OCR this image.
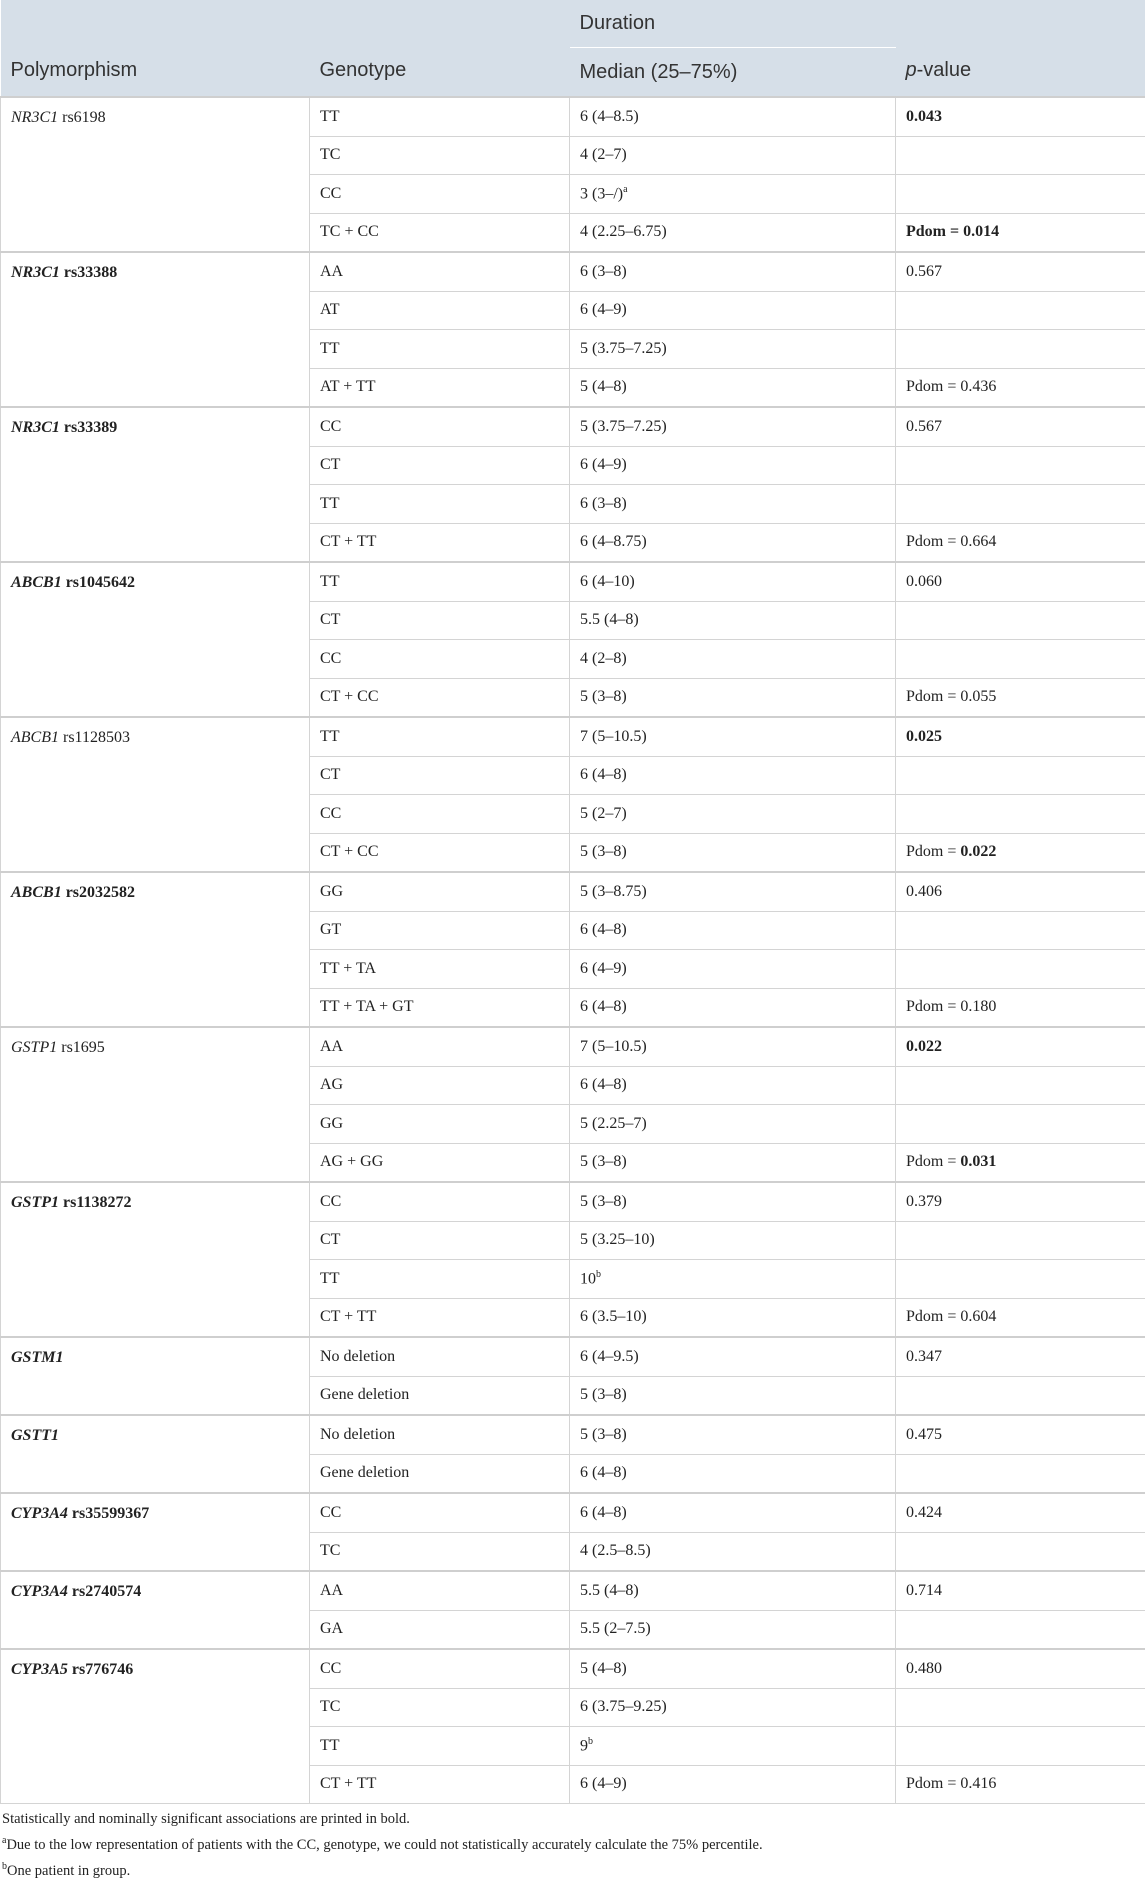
Polymorphism	Genotype	Duration	p-value
		Median (25–75%)	
NR3C1 rs6198	TT	6 (4–8.5)	0.043
	TC	4 (2–7)	
	CC	3 $(3-/)^a$	
	TC + CC	4 (2.25–6.75)	Pdom = 0.014
NR3C1 rs33388	AA	6 (3–8)	0.567
	AT	6 (4–9)	
	TT	5 (3.75–7.25)	
	AT + TT	5 (4–8)	Pdom = 0.436
NR3C1 rs33389	CC	5 (3.75–7.25)	0.567
	CT	6 (4–9)	
	TT	6 (3–8)	
	CT + TT	6 (4–8.75)	Pdom = 0.664
ABCB1 rs1045642	TT	6 (4–10)	0.060
	CT	5.5 (4–8)	
	CC	4 (2–8)	
	CT + CC	5 (3–8)	Pdom = 0.055
ABCB1 rs1128503	TT	7 (5–10.5)	0.025
	CT	6 (4–8)	
	CC	5 (2–7)	
	CT + CC	5 (3–8)	Pdom = 0.022
ABCB1 rs2032582	GG	5 (3–8.75)	0.406
	GT	6 (4–8)	
	TT + TA	6 (4–9)	
	TT + TA + GT	6 (4–8)	Pdom = 0.180
GSTP1 rs1695	AA	7 (5–10.5)	0.022
	AG	6 (4–8)	
	GG	5 (2.25–7)	
	AG + GG	5 (3–8)	Pdom = 0.031
GSTP1 rs1138272	CC	5 (3–8)	0.379
	CT	5 (3.25–10)	
	TT	10$^b$	
	CT + TT	6 (3.5–10)	Pdom = 0.604
GSTM1	No deletion	6 (4–9.5)	0.347
	Gene deletion	5 (3–8)	
GSTT1	No deletion	5 (3–8)	0.475
	Gene deletion	6 (4–8)	
CYP3A4 rs35599367	CC	6 (4–8)	0.424
	TC	4 (2.5–8.5)	
CYP3A4 rs2740574	AA	5.5 (4–8)	0.714
	GA	5.5 (2–7.5)	
CYP3A5 rs776746	CC	5 (4–8)	0.480
	TC	6 (3.75–9.25)	
	TT	9$^b$	
	CT + TT	6 (4–9)	Pdom = 0.416
Statistically and nominally significant associations are printed in bold.
$^a$Due to the low representation of patients with the CC, genotype, we could not statistically accurately calculate the 75% percentile.
$^b$One patient in group.
